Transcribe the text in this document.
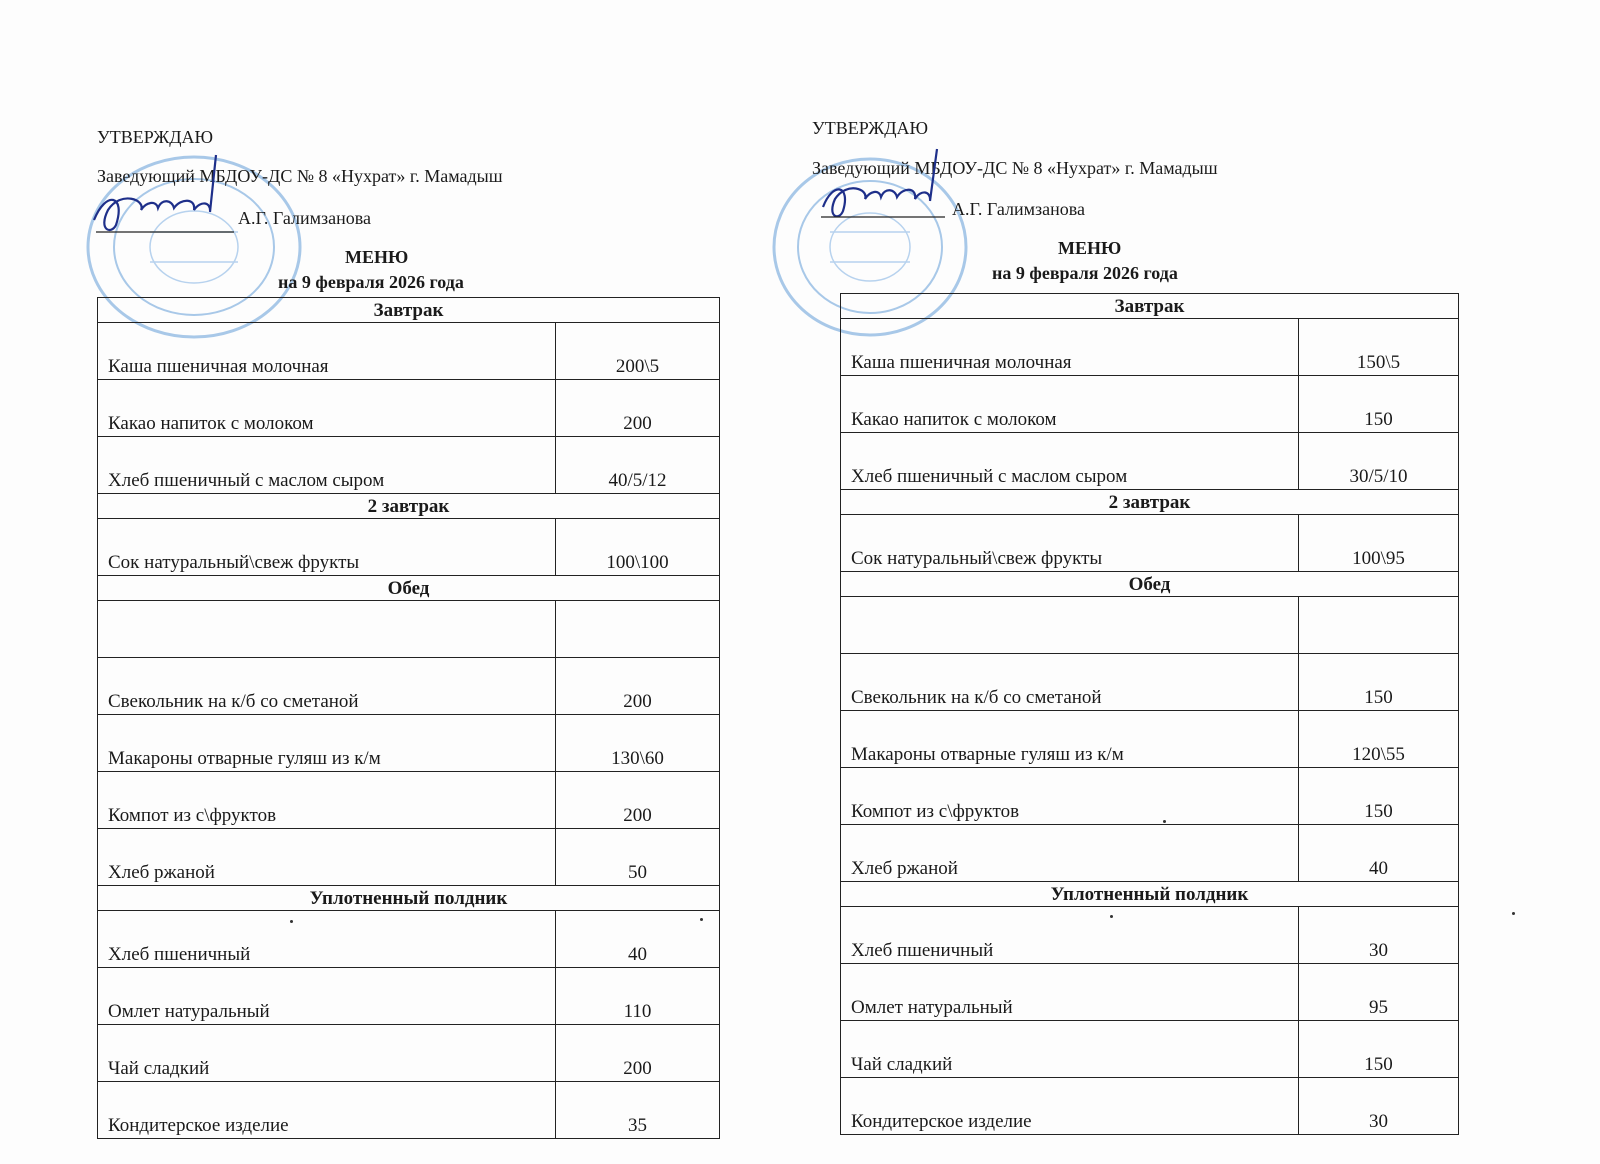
УТВЕРЖДАЮ
Заведующий МБДОУ-ДС № 8 «Нухрат» г. Мамадыш
А.Г. Галимзанова
МЕНЮ
на 9 февраля 2026 года
Завтрак	
Каша пшеничная молочная	200\5
Какао напиток с молоком	200
Хлеб пшеничный с маслом сыром	40/5/12
2 завтрак	
Сок натуральный\свеж фрукты	100\100
Обед	

Свекольник на к/б со сметаной	200
Макароны отварные гуляш из к/м	130\60
Компот из с\фруктов	200
Хлеб ржаной	50
Уплотненный полдник	
Хлеб пшеничный	40
Омлет натуральный	110
Чай сладкий	200
Кондитерское изделие	35
УТВЕРЖДАЮ
Заведующий МБДОУ-ДС № 8 «Нухрат» г. Мамадыш
А.Г. Галимзанова
МЕНЮ
на 9 февраля 2026 года
Завтрак	
Каша пшеничная молочная	150\5
Какао напиток с молоком	150
Хлеб пшеничный с маслом сыром	30/5/10
2 завтрак	
Сок натуральный\свеж фрукты	100\95
Обед	

Свекольник на к/б со сметаной	150
Макароны отварные гуляш из к/м	120\55
Компот из с\фруктов	150
Хлеб ржаной	40
Уплотненный полдник	
Хлеб пшеничный	30
Омлет натуральный	95
Чай сладкий	150
Кондитерское изделие	30
